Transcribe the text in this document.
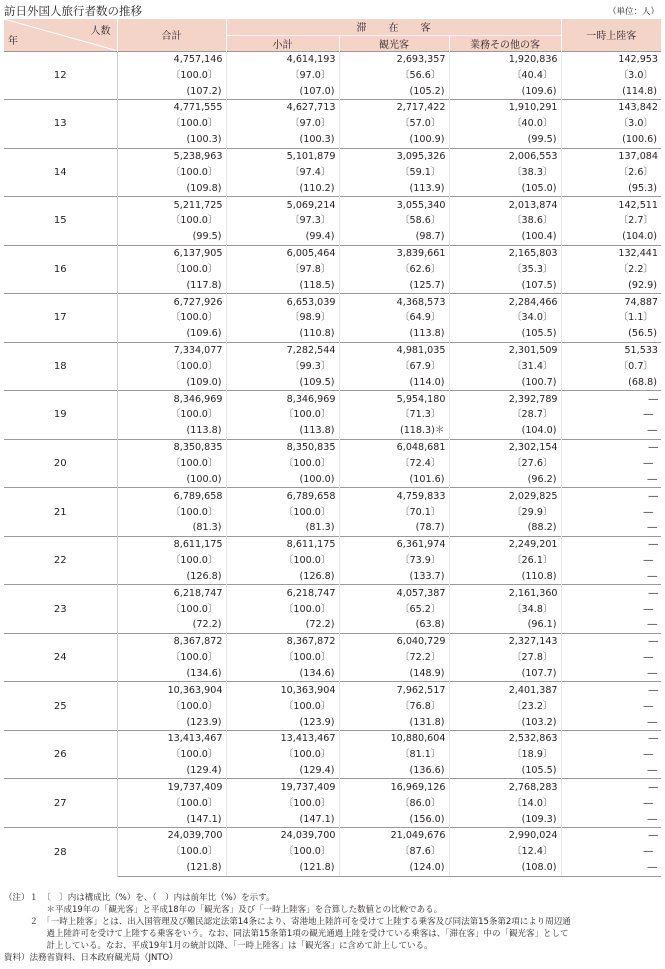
訪日外国人旅行者数の推移	（単位：人）
人数
年	合計	滞在客			一時上陸客
		小計	観光客	業務その他の客	
12	4,757,146	4,614,193	2,693,357	1,920,836	142,953
	〔100.0〕	〔97.0〕	〔56.6〕	〔40.4〕	〔3.0〕
	(107.2)	(107.0)	(105.2)	(109.6)	(114.8)
13	4,771,555	4,627,713	2,717,422	1,910,291	143,842
	〔100.0〕	〔97.0〕	〔57.0〕	〔40.0〕	〔3.0〕
	(100.3)	(100.3)	(100.9)	(99.5)	(100.6)
14	5,238,963	5,101,879	3,095,326	2,006,553	137,084
	〔100.0〕	〔97.4〕	〔59.1〕	〔38.3〕	〔2.6〕
	(109.8)	(110.2)	(113.9)	(105.0)	(95.3)
15	5,211,725	5,069,214	3,055,340	2,013,874	142,511
	〔100.0〕	〔97.3〕	〔58.6〕	〔38.6〕	〔2.7〕
	(99.5)	(99.4)	(98.7)	(100.4)	(104.0)
16	6,137,905	6,005,464	3,839,661	2,165,803	132,441
	〔100.0〕	〔97.8〕	〔62.6〕	〔35.3〕	〔2.2〕
	(117.8)	(118.5)	(125.7)	(107.5)	(92.9)
17	6,727,926	6,653,039	4,368,573	2,284,466	74,887
	〔100.0〕	〔98.9〕	〔64.9〕	〔34.0〕	〔1.1〕
	(109.6)	(110.8)	(113.8)	(105.5)	(56.5)
18	7,334,077	7,282,544	4,981,035	2,301,509	51,533
	〔100.0〕	〔99.3〕	〔67.9〕	〔31.4〕	〔0.7〕
	(109.0)	(109.5)	(114.0)	(100.7)	(68.8)
19	8,346,969	8,346,969	5,954,180	2,392,789	―
	〔100.0〕	〔100.0〕	〔71.3〕	〔28.7〕	―
	(113.8)	(113.8)	(118.3)＊	(104.0)	―
20	8,350,835	8,350,835	6,048,681	2,302,154	―
	〔100.0〕	〔100.0〕	〔72.4〕	〔27.6〕	―
	(100.0)	(100.0)	(101.6)	(96.2)	―
21	6,789,658	6,789,658	4,759,833	2,029,825	―
	〔100.0〕	〔100.0〕	〔70.1〕	〔29.9〕	―
	(81.3)	(81.3)	(78.7)	(88.2)	―
22	8,611,175	8,611,175	6,361,974	2,249,201	―
	〔100.0〕	〔100.0〕	〔73.9〕	〔26.1〕	―
	(126.8)	(126.8)	(133.7)	(110.8)	―
23	6,218,747	6,218,747	4,057,387	2,161,360	―
	〔100.0〕	〔100.0〕	〔65.2〕	〔34.8〕	―
	(72.2)	(72.2)	(63.8)	(96.1)	―
24	8,367,872	8,367,872	6,040,729	2,327,143	―
	〔100.0〕	〔100.0〕	〔72.2〕	〔27.8〕	―
	(134.6)	(134.6)	(148.9)	(107.7)	―
25	10,363,904	10,363,904	7,962,517	2,401,387	―
	〔100.0〕	〔100.0〕	〔76.8〕	〔23.2〕	―
	(123.9)	(123.9)	(131.8)	(103.2)	―
26	13,413,467	13,413,467	10,880,604	2,532,863	―
	〔100.0〕	〔100.0〕	〔81.1〕	〔18.9〕	―
	(129.4)	(129.4)	(136.6)	(105.5)	―
27	19,737,409	19,737,409	16,969,126	2,768,283	―
	〔100.0〕	〔100.0〕	〔86.0〕	〔14.0〕	―
	(147.1)	(147.1)	(156.0)	(109.3)	―
28	24,039,700	24,039,700	21,049,676	2,990,024	―
	〔100.0〕	〔100.0〕	〔87.6〕	〔12.4〕	―
	(121.8)	(121.8)	(124.0)	(108.0)	―
（注）１　〔　〕内は構成比（%）を、（　）内は前年比（%）を示す。
　　　　　＊平成19年の「観光客」と平成18年の「観光客」及び「一時上陸客」を合算した数値との比較である。
　　　２　「一時上陸客」とは、出入国管理及び難民認定法第14条により、寄港地上陸許可を受けて上陸する乗客及び同法第15条第2項により周辺通
　　　　　過上陸許可を受けて上陸する乗客をいう。なお、同法第15条第1項の観光通過上陸を受けている乗客は、「滞在客」中の「観光客」として
　　　　　計上している。なお、平成19年1月の統計以降、「一時上陸客」は「観光客」に含めて計上している。
資料）法務省資料、日本政府観光局（JNTO）
